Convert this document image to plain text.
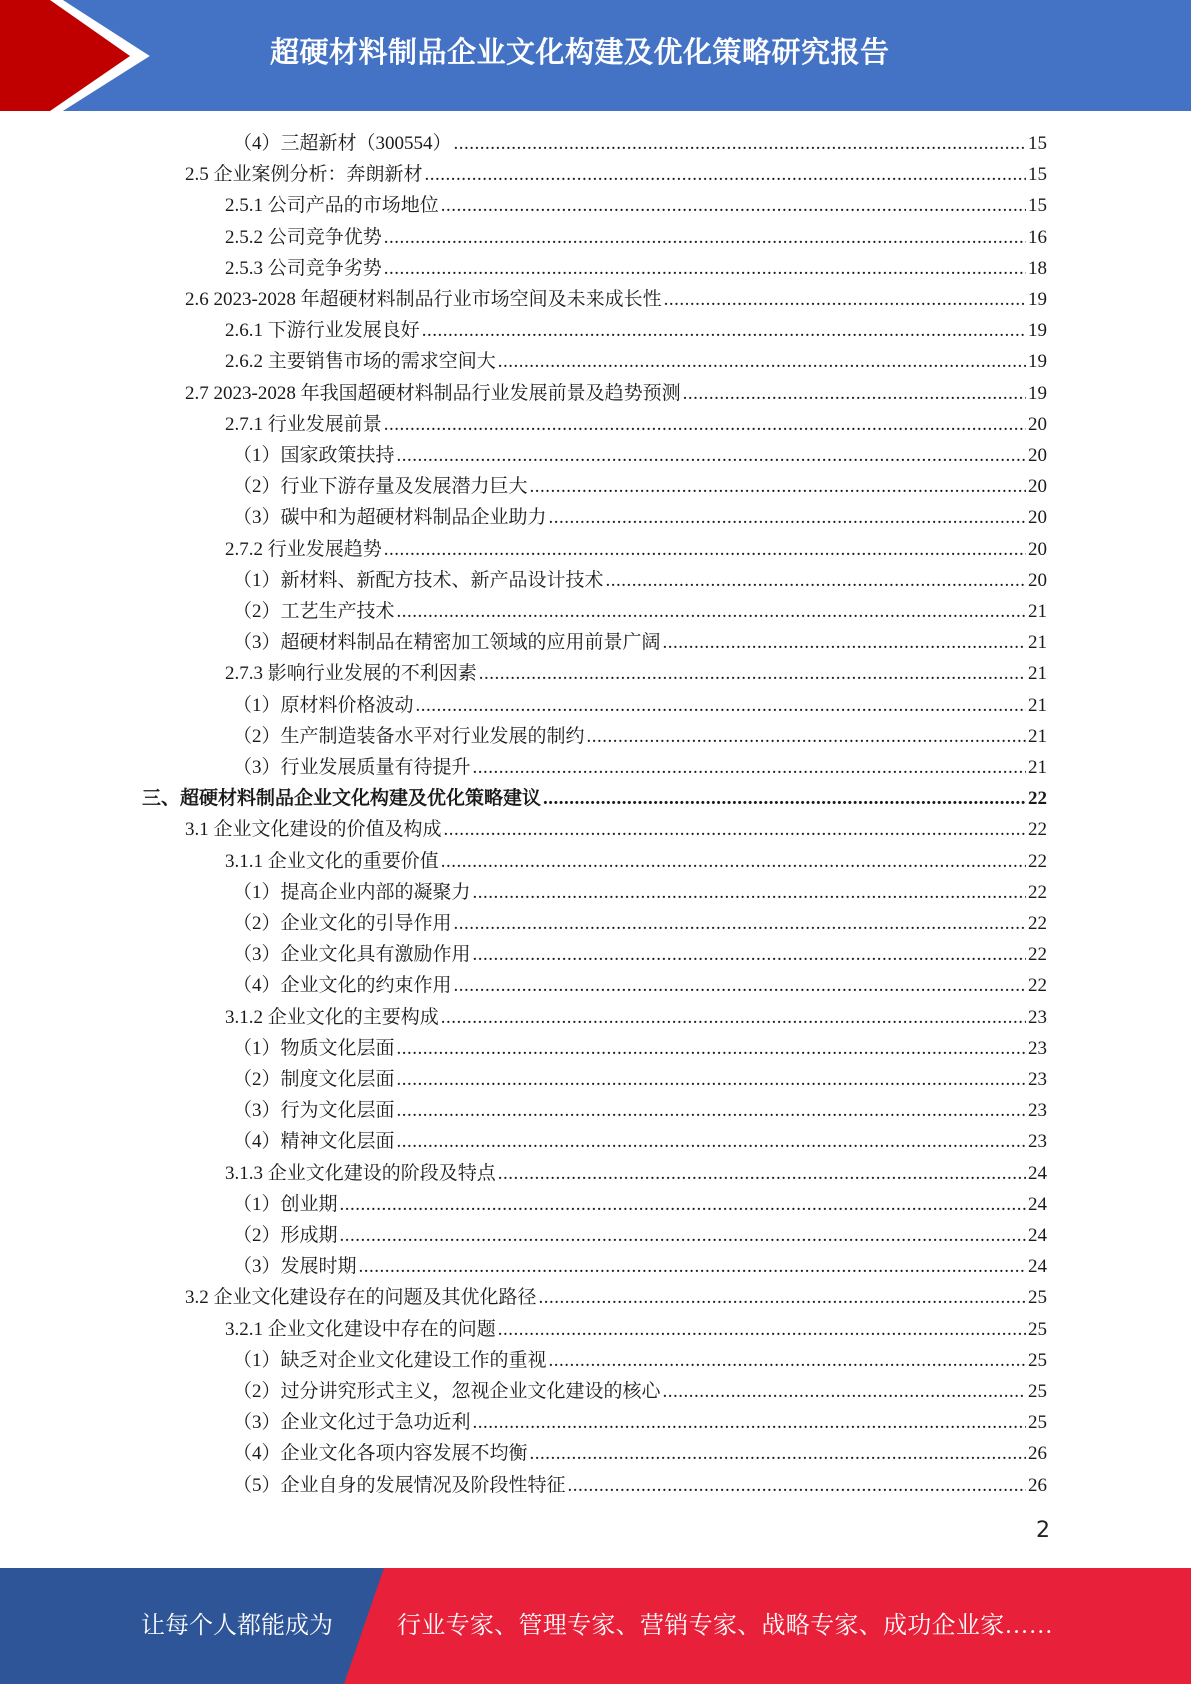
超硬材料制品企业文化构建及优化策略研究报告
（4）三超新材（300554） .....	15
2.5 企业案例分析：奔朗新材 .....	15
2.5.1 公司产品的市场地位 .....	15
2.5.2 公司竞争优势 .....	16
2.5.3 公司竞争劣势 .....	18
2.6 2023-2028 年超硬材料制品行业市场空间及未来成长性 .....	19
2.6.1 下游行业发展良好 .....	19
2.6.2 主要销售市场的需求空间大 .....	19
2.7 2023-2028 年我国超硬材料制品行业发展前景及趋势预测 .....	19
2.7.1 行业发展前景 .....	20
（1）国家政策扶持 .....	20
（2）行业下游存量及发展潜力巨大 .....	20
（3）碳中和为超硬材料制品企业助力 .....	20
2.7.2 行业发展趋势 .....	20
（1）新材料、新配方技术、新产品设计技术 .....	20
（2）工艺生产技术 .....	21
（3）超硬材料制品在精密加工领域的应用前景广阔 .....	21
2.7.3 影响行业发展的不利因素 .....	21
（1）原材料价格波动 .....	21
（2）生产制造装备水平对行业发展的制约 .....	21
（3）行业发展质量有待提升 .....	21
三、超硬材料制品企业文化构建及优化策略建议 .....	22
3.1 企业文化建设的价值及构成 .....	22
3.1.1 企业文化的重要价值 .....	22
（1）提高企业内部的凝聚力 .....	22
（2）企业文化的引导作用 .....	22
（3）企业文化具有激励作用 .....	22
（4）企业文化的约束作用 .....	22
3.1.2 企业文化的主要构成 .....	23
（1）物质文化层面 .....	23
（2）制度文化层面 .....	23
（3）行为文化层面 .....	23
（4）精神文化层面 .....	23
3.1.3 企业文化建设的阶段及特点 .....	24
（1）创业期 .....	24
（2）形成期 .....	24
（3）发展时期 .....	24
3.2 企业文化建设存在的问题及其优化路径 .....	25
3.2.1 企业文化建设中存在的问题 .....	25
（1）缺乏对企业文化建设工作的重视 .....	25
（2）过分讲究形式主义，忽视企业文化建设的核心 .....	25
（3）企业文化过于急功近利 .....	25
（4）企业文化各项内容发展不均衡 .....	26
（5）企业自身的发展情况及阶段性特征 .....	26
2
让每个人都能成为	行业专家、管理专家、营销专家、战略专家、成功企业家……
